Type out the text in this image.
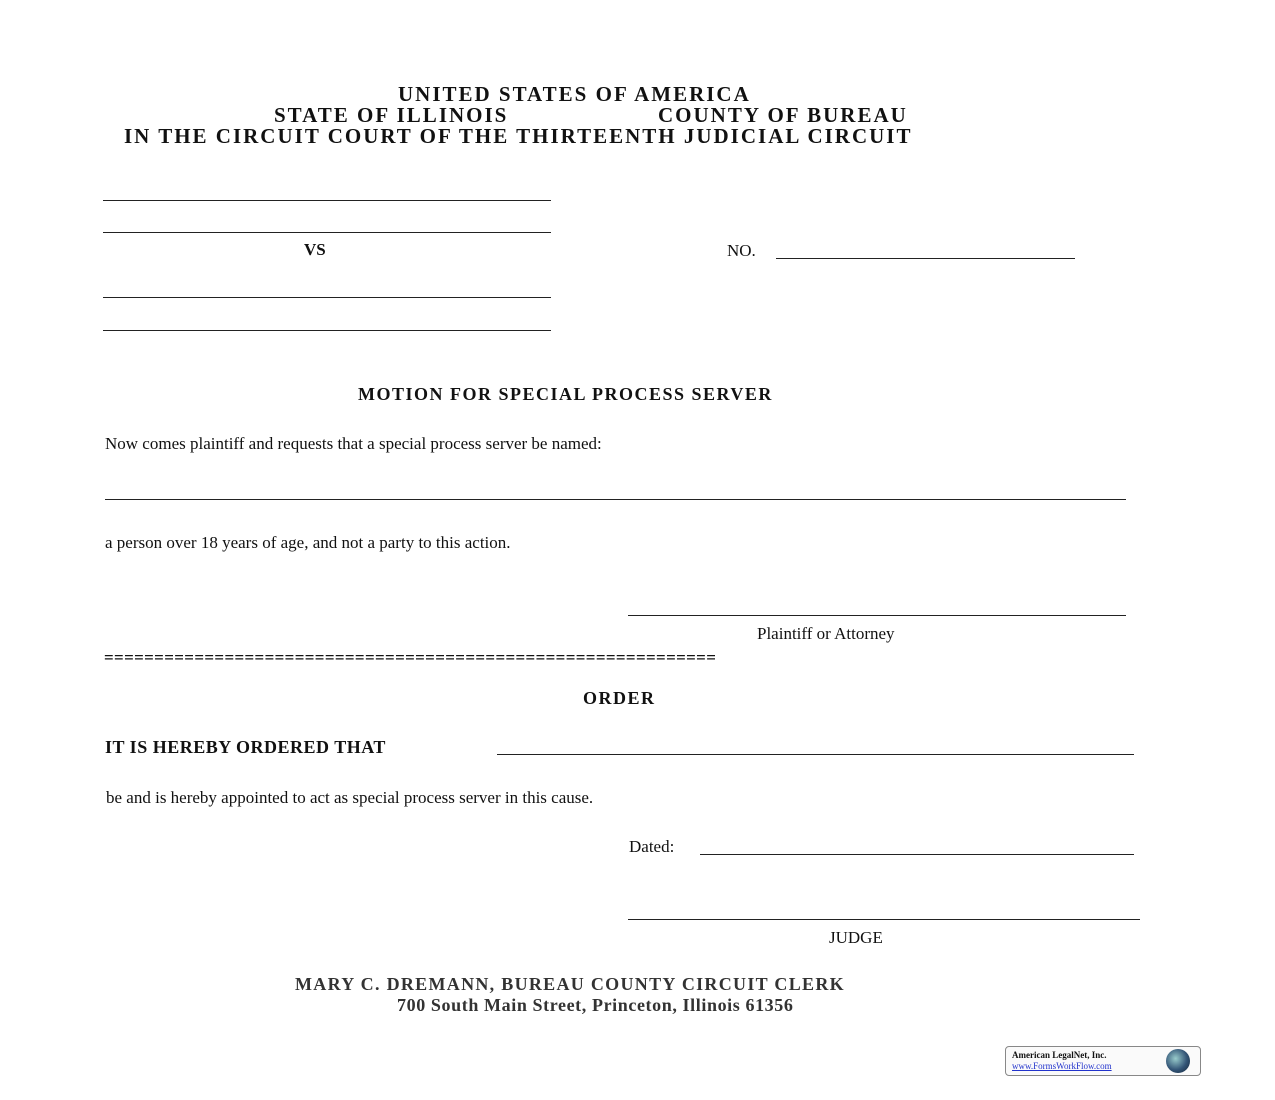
UNITED STATES OF AMERICA
STATE OF ILLINOIS	COUNTY OF BUREAU
IN THE CIRCUIT COURT OF THE THIRTEENTH JUDICIAL CIRCUIT
VS	NO.
MOTION FOR SPECIAL PROCESS SERVER
Now comes plaintiff and requests that a special process server be named:
a person over 18 years of age, and not a party to this action.
Plaintiff or Attorney
=============================================================
ORDER
IT IS HEREBY ORDERED THAT
be and is hereby appointed to act as special process server in this cause.
Dated:
JUDGE
MARY C. DREMANN, BUREAU COUNTY CIRCUIT CLERK
700 South Main Street, Princeton, Illinois 61356
American LegalNet, Inc.
www.FormsWorkFlow.com
